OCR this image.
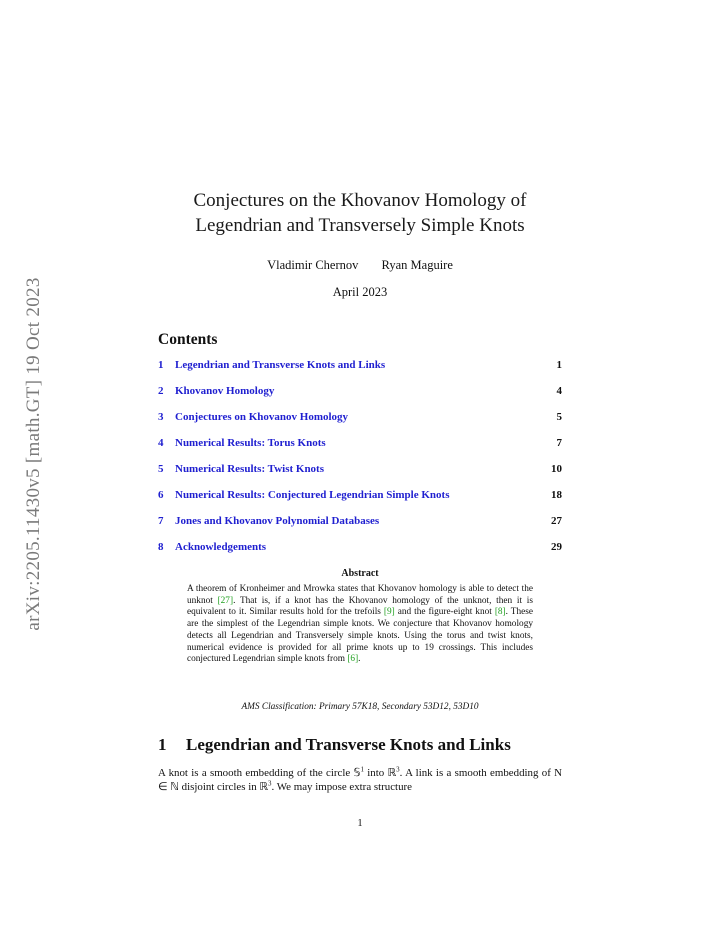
arXiv:2205.11430v5 [math.GT] 19 Oct 2023
Conjectures on the Khovanov Homology of
Legendrian and Transversely Simple Knots
Vladimir Chernov Ryan Maguire
April 2023
Contents
1 Legendrian and Transverse Knots and Links	1
2 Khovanov Homology	4
3 Conjectures on Khovanov Homology	5
4 Numerical Results: Torus Knots	7
5 Numerical Results: Twist Knots	10
6 Numerical Results: Conjectured Legendrian Simple Knots	18
7 Jones and Khovanov Polynomial Databases	27
8 Acknowledgements	29
Abstract
A theorem of Kronheimer and Mrowka states that Khovanov homology is able to detect the unknot [27]. That is, if a knot has the Khovanov homology of the unknot, then it is equivalent to it. Similar results hold for the trefoils [9] and the figure-eight knot [8]. These are the simplest of the Legendrian simple knots. We conjecture that Khovanov homology detects all Legendrian and Transversely simple knots. Using the torus and twist knots, numerical evidence is provided for all prime knots up to 19 crossings. This includes conjectured Legendrian simple knots from [6].
AMS Classification: Primary 57K18, Secondary 53D12, 53D10
1 Legendrian and Transverse Knots and Links
A knot is a smooth embedding of the circle 𝕊$^1$ into ℝ$^3$. A link is a smooth embedding of N ∈ ℕ disjoint circles in ℝ$^3$. We may impose extra structure
1
